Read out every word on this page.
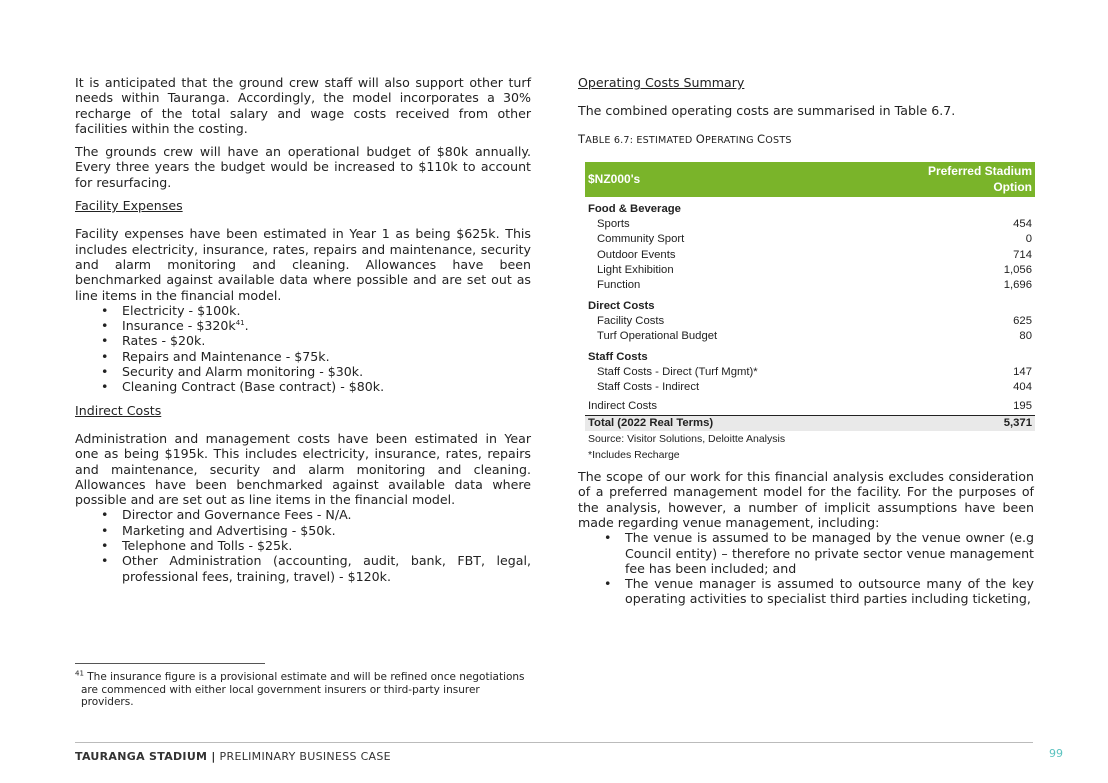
It is anticipated that the ground crew staff will also support other turf needs within Tauranga. Accordingly, the model incorporates a 30% recharge of the total salary and wage costs received from other facilities within the costing.

The grounds crew will have an operational budget of $80k annually. Every three years the budget would be increased to $110k to account for resurfacing.

Facility Expenses

Facility expenses have been estimated in Year 1 as being $625k. This includes electricity, insurance, rates, repairs and maintenance, security and alarm monitoring and cleaning. Allowances have been benchmarked against available data where possible and are set out as line items in the financial model.

• Electricity - $100k.
• Insurance - $\$320k^{41}$.
• Rates - $20k.
• Repairs and Maintenance - $75k.
• Security and Alarm monitoring - $30k.
• Cleaning Contract (Base contract) - $80k.

Indirect Costs

Administration and management costs have been estimated in Year one as being $195k. This includes electricity, insurance, rates, repairs and maintenance, security and alarm monitoring and cleaning. Allowances have been benchmarked against available data where possible and are set out as line items in the financial model.

• Director and Governance Fees - N/A.
• Marketing and Advertising - $50k.
• Telephone and Tolls - $25k.
• Other Administration (accounting, audit, bank, FBT, legal, professional fees, training, travel) - $120k.
$^{41}$ The insurance figure is a provisional estimate and will be refined once negotiations
are commenced with either local government insurers or third-party insurer
providers.

Operating Costs Summary

The combined operating costs are summarised in Table 6.7.

TABLE 6.7: ESTIMATED OPERATING COSTS

$NZ000's	Preferred Stadium
Option

Food & Beverage	
Sports	454
Community Sport	0
Outdoor Events	714
Light Exhibition	1,056
Function	1,696
Direct Costs	
Facility Costs	625
Turf Operational Budget	80
Staff Costs	
Staff Costs - Direct (Turf Mgmt)*	147
Staff Costs - Indirect	404
Indirect Costs	195
Total (2022 Real Terms)	5,371
Source: Visitor Solutions, Deloitte Analysis
*Includes Recharge

The scope of our work for this financial analysis excludes consideration of a preferred management model for the facility. For the purposes of the analysis, however, a number of implicit assumptions have been made regarding venue management, including:

• The venue is assumed to be managed by the venue owner (e.g Council entity) – therefore no private sector venue management fee has been included; and
• The venue manager is assumed to outsource many of the key operating activities to specialist third parties including ticketing,
TAURANGA STADIUM | PRELIMINARY BUSINESS CASE	99
